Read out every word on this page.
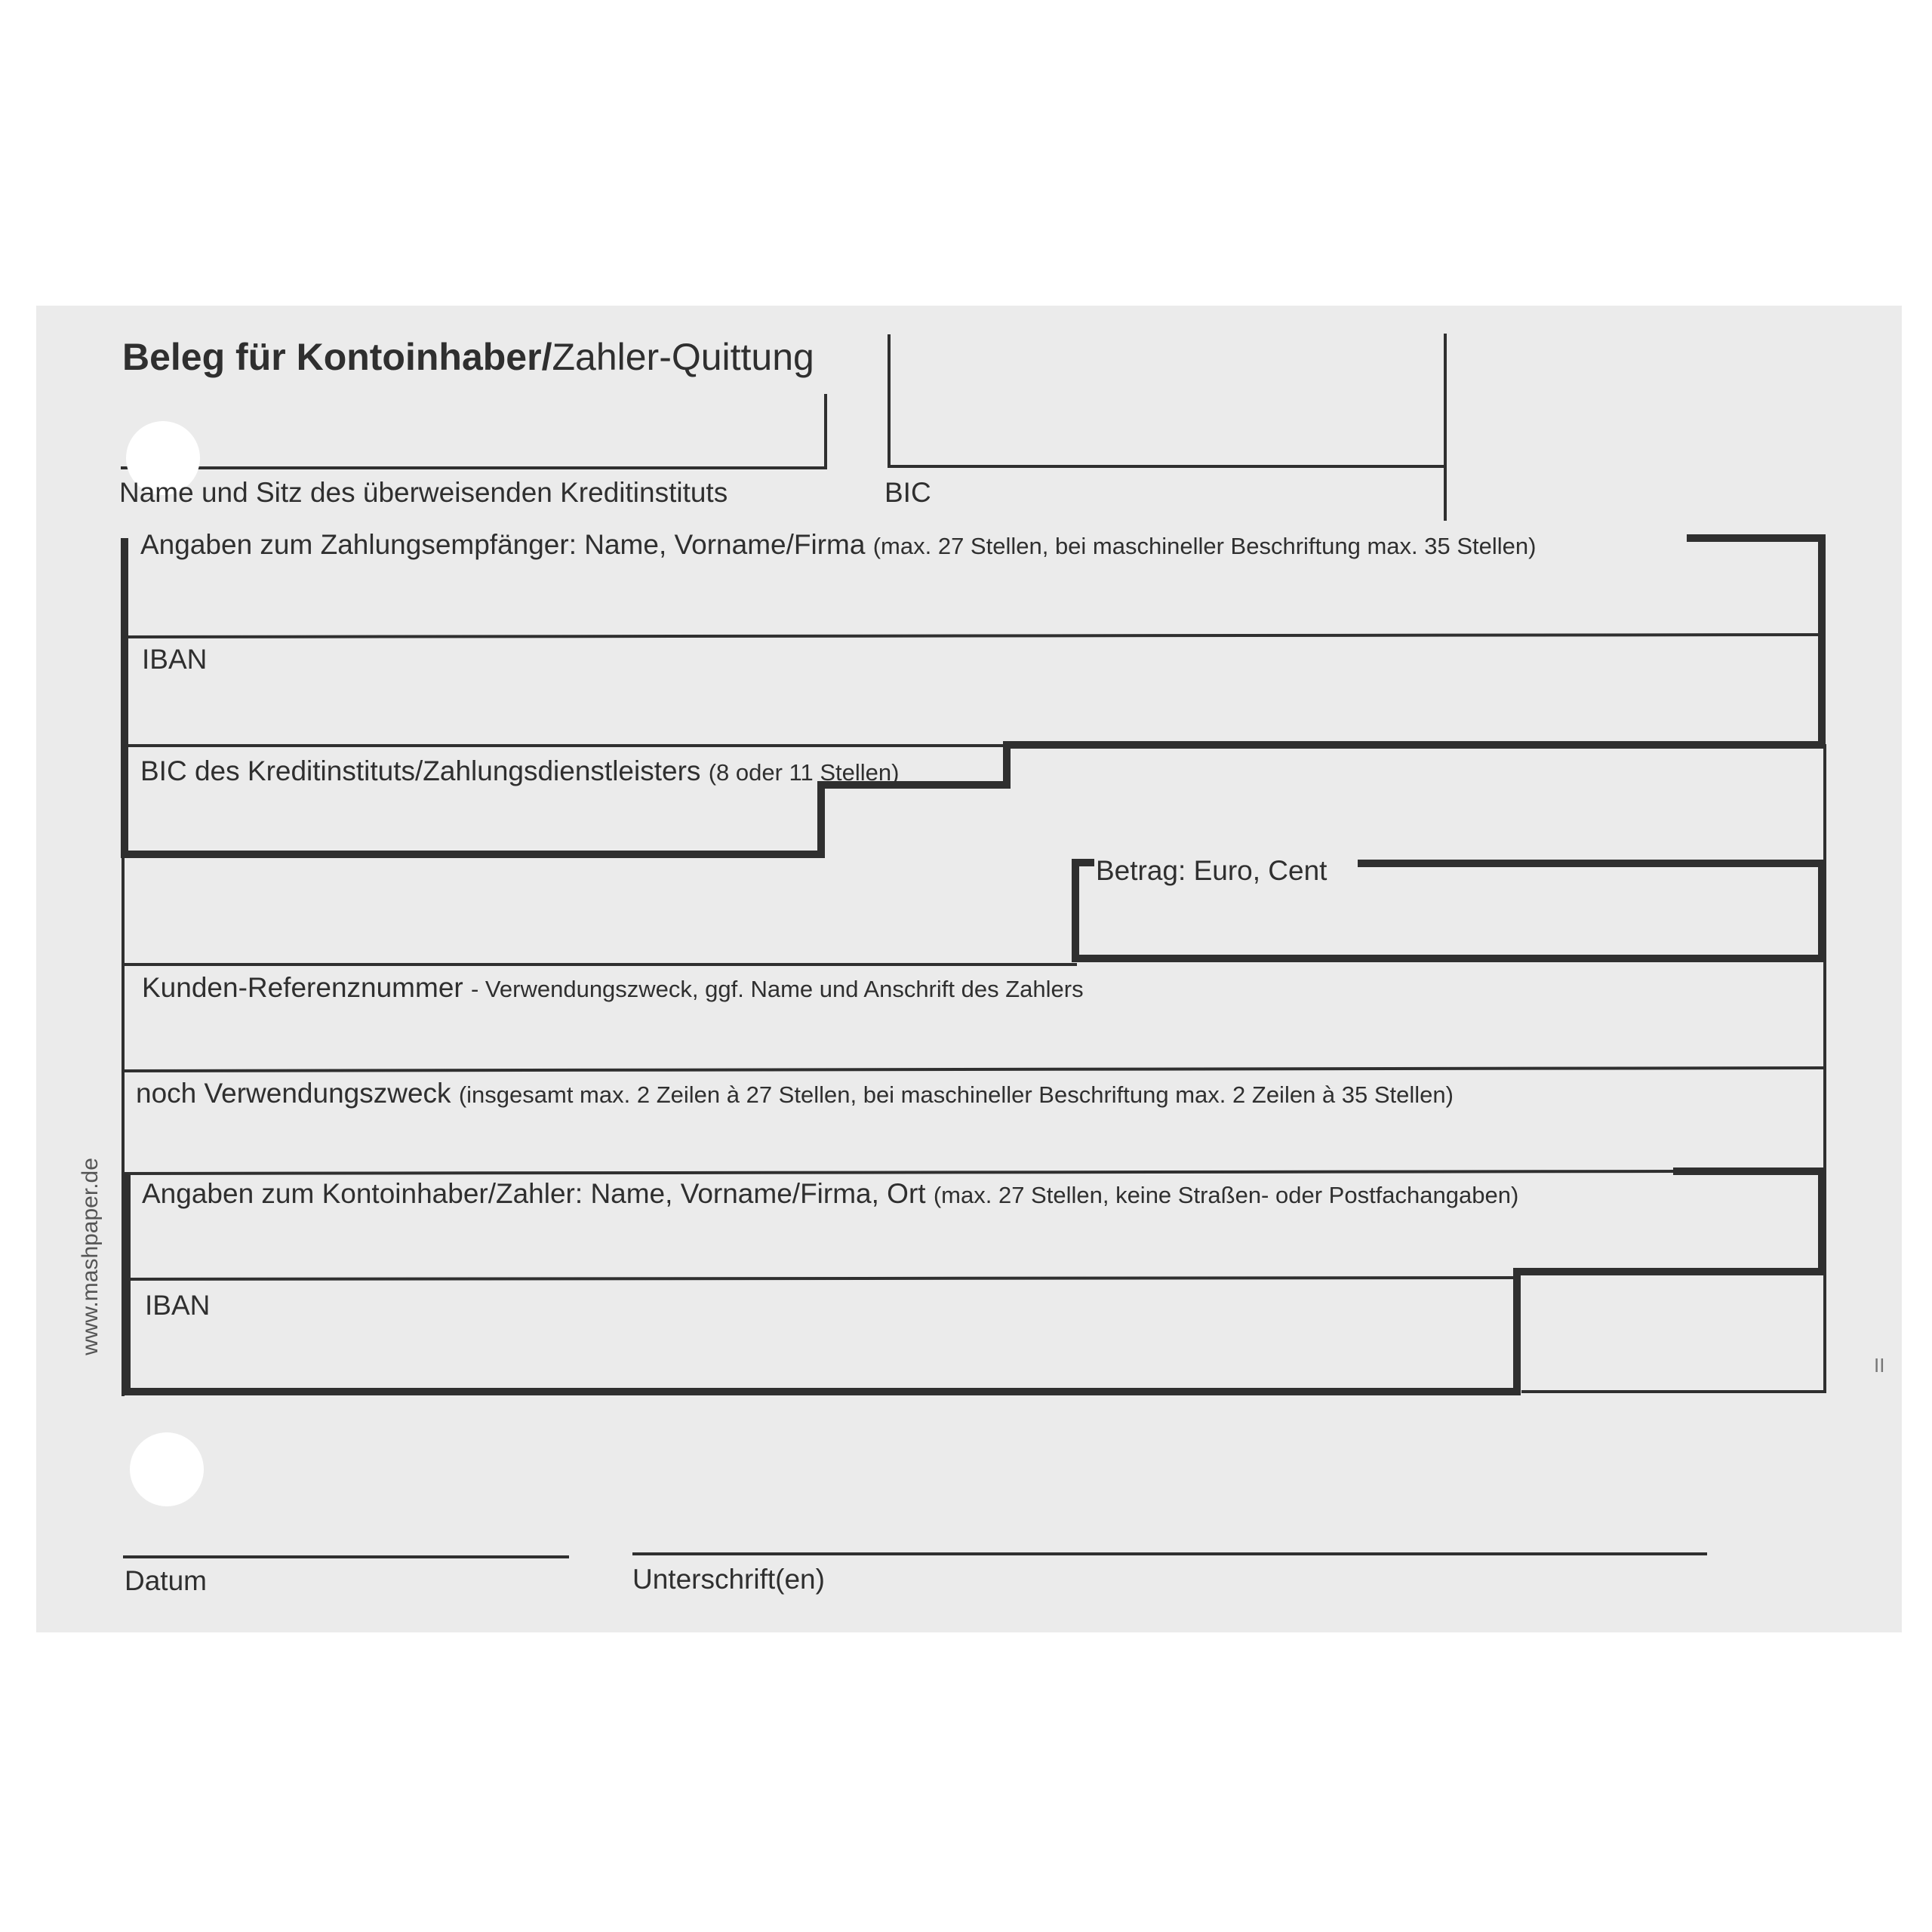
Beleg für Kontoinhaber/Zahler-Quittung
Name und Sitz des überweisenden Kreditinstituts	BIC
Angaben zum Zahlungsempfänger: Name, Vorname/Firma (max. 27 Stellen, bei maschineller Beschriftung max. 35 Stellen)
IBAN
BIC des Kreditinstituts/Zahlungsdienstleisters (8 oder 11 Stellen)
Betrag: Euro, Cent
Kunden-Referenznummer - Verwendungszweck, ggf. Name und Anschrift des Zahlers
noch Verwendungszweck (insgesamt max. 2 Zeilen à 27 Stellen, bei maschineller Beschriftung max. 2 Zeilen à 35 Stellen)
Angaben zum Kontoinhaber/Zahler: Name, Vorname/Firma, Ort (max. 27 Stellen, keine Straßen- oder Postfachangaben)
IBAN
Datum	Unterschrift(en)
www.mashpaper.de
II
